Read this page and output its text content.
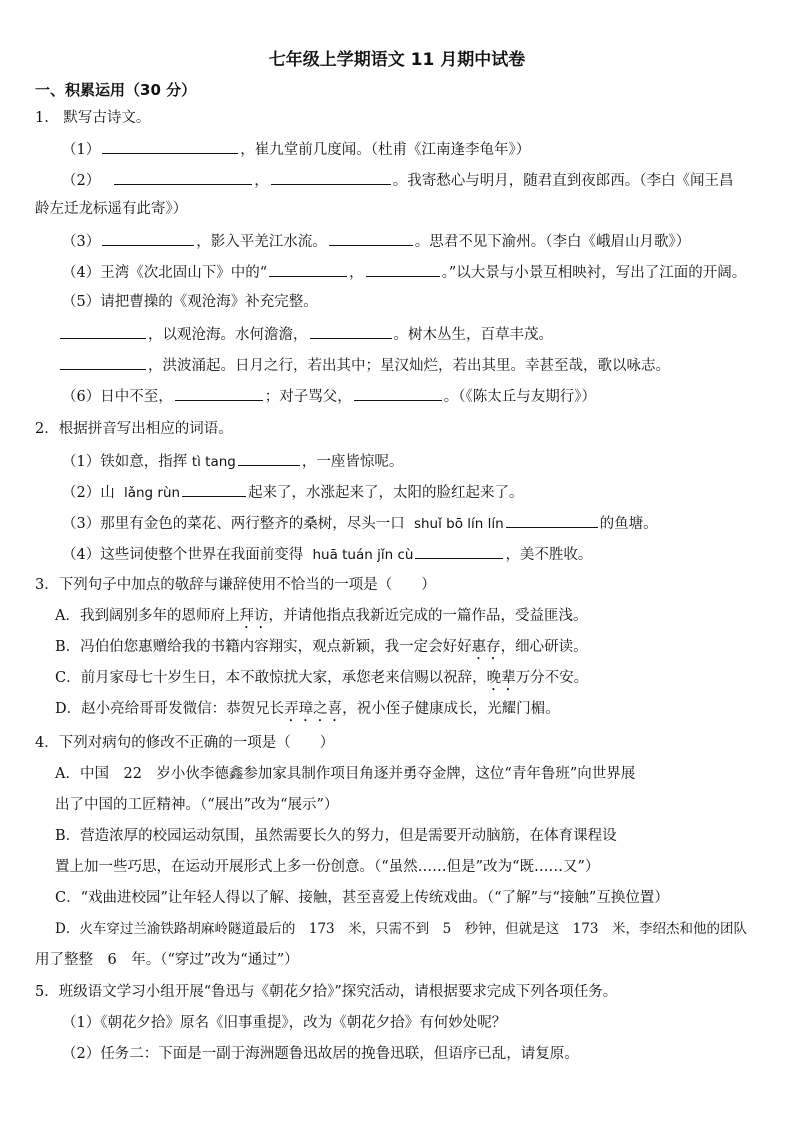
七年级上学期语文 11 月期中试卷
一、积累运用（30 分）
1.　默写古诗文。
（1）	，崔九堂前几度闻。（杜甫《江南逢李龟年》）
（2）	，	。我寄愁心与明月，随君直到夜郎西。（李白《闻王昌
龄左迁龙标遥有此寄》）
（3）	，影入平羌江水流。	。思君不见下渝州。（李白《峨眉山月歌》）
（4）王湾《次北固山下》中的“	，	。”以大景与小景互相映衬，写出了江面的开阔。
（5）请把曹操的《观沧海》补充完整。
，以观沧海。水何澹澹，	。树木丛生，百草丰茂。
，洪波涌起。日月之行，若出其中；星汉灿烂，若出其里。幸甚至哉，歌以咏志。
（6）日中不至，	；对子骂父，	。（《陈太丘与友期行》）
2．根据拼音写出相应的词语。
（1）铁如意，指挥 tì tang	，一座皆惊呢。
（2）山 lǎng rùn	起来了，水涨起来了，太阳的脸红起来了。
（3）那里有金色的菜花、两行整齐的桑树，尽头一口 shuǐ bō lín lín	的鱼塘。
（4）这些词使整个世界在我面前变得 huā tuán jǐn cù	，美不胜收。
3．下列句子中加点的敬辞与谦辞使用不恰当的一项是（　　）
A．我到阔别多年的恩师府上拜访，并请他指点我新近完成的一篇作品，受益匪浅。
B．冯伯伯您惠赠给我的书籍内容翔实，观点新颖，我一定会好好惠存，细心研读。
C．前月家母七十岁生日，本不敢惊扰大家，承您老来信赐以祝辞，晚辈万分不安。
D．赵小亮给哥哥发微信：恭贺兄长弄璋之喜，祝小侄子健康成长，光耀门楣。
4．下列对病句的修改不正确的一项是（　　）
A．中国　22　岁小伙李德鑫参加家具制作项目角逐并勇夺金牌，这位“青年鲁班”向世界展
出了中国的工匠精神。（“展出”改为“展示”）
B．营造浓厚的校园运动氛围，虽然需要长久的努力，但是需要开动脑筋，在体育课程设
置上加一些巧思，在运动开展形式上多一份创意。（“虽然……但是”改为“既……又”）
C．“戏曲进校园”让年轻人得以了解、接触，甚至喜爱上传统戏曲。（“了解”与“接触”互换位置）
D．火车穿过兰渝铁路胡麻岭隧道最后的　173　米，只需不到　5　秒钟，但就是这　173　米，李绍杰和他的团队
用了整整　6　年。（“穿过”改为“通过”）
5．班级语文学习小组开展“鲁迅与《朝花夕拾》”探究活动，请根据要求完成下列各项任务。
（1）《朝花夕拾》原名《旧事重提》，改为《朝花夕拾》有何妙处呢？
（2）任务二：下面是一副于海洲题鲁迅故居的挽鲁迅联，但语序已乱，请复原。
